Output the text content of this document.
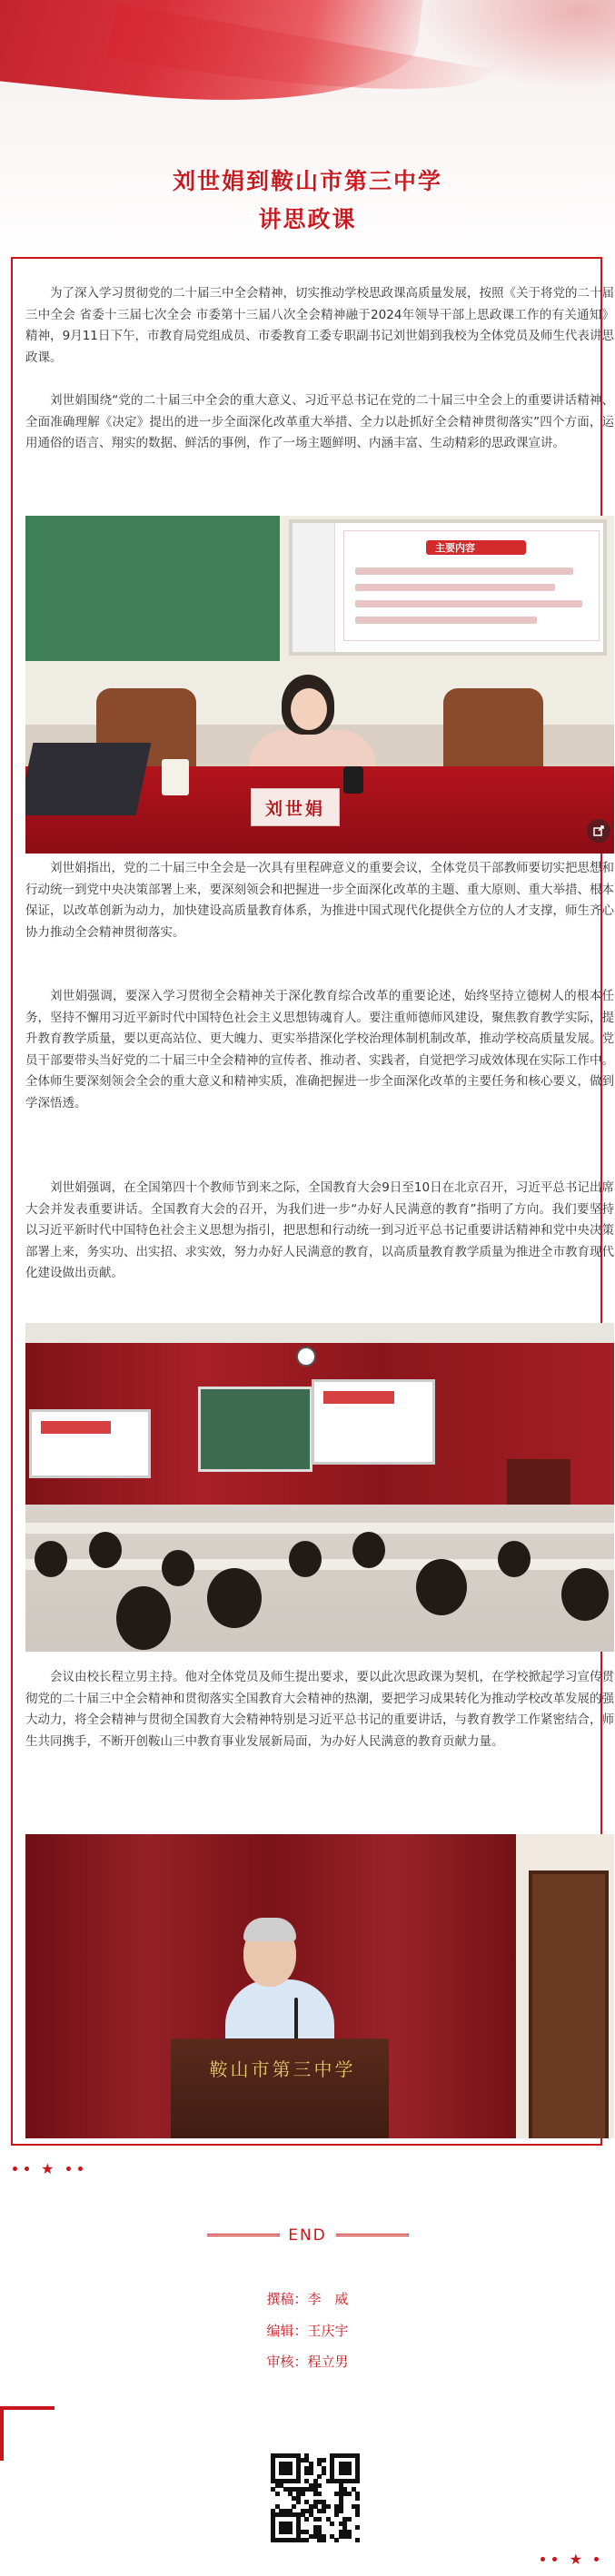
刘世娟到鞍山市第三中学
讲思政课

为了深入学习贯彻党的二十届三中全会精神，切实推动学校思政课高质量发展，按照《关于将党的二十届三中全会 省委十三届七次全会 市委第十三届八次全会精神融于2024年领导干部上思政课工作的有关通知》精神，9月11日下午，市教育局党组成员、市委教育工委专职副书记刘世娟到我校为全体党员及师生代表讲思政课。

刘世娟围绕“党的二十届三中全会的重大意义、习近平总书记在党的二十届三中全会上的重要讲话精神、全面准确理解《决定》提出的进一步全面深化改革重大举措、全力以赴抓好全会精神贯彻落实”四个方面，运用通俗的语言、翔实的数据、鲜活的事例，作了一场主题鲜明、内涵丰富、生动精彩的思政课宣讲。

主要内容
刘世娟

刘世娟指出，党的二十届三中全会是一次具有里程碑意义的重要会议，全体党员干部教师要切实把思想和行动统一到党中央决策部署上来，要深刻领会和把握进一步全面深化改革的主题、重大原则、重大举措、根本保证，以改革创新为动力，加快建设高质量教育体系，为推进中国式现代化提供全方位的人才支撑，师生齐心协力推动全会精神贯彻落实。

刘世娟强调，要深入学习贯彻全会精神关于深化教育综合改革的重要论述，始终坚持立德树人的根本任务，坚持不懈用习近平新时代中国特色社会主义思想铸魂育人。要注重师德师风建设，聚焦教育教学实际，提升教育教学质量，要以更高站位、更大魄力、更实举措深化学校治理体制机制改革，推动学校高质量发展。党员干部要带头当好党的二十届三中全会精神的宣传者、推动者、实践者，自觉把学习成效体现在实际工作中。全体师生要深刻领会全会的重大意义和精神实质，准确把握进一步全面深化改革的主要任务和核心要义，做到学深悟透。

刘世娟强调，在全国第四十个教师节到来之际，全国教育大会9日至10日在北京召开，习近平总书记出席大会并发表重要讲话。全国教育大会的召开，为我们进一步“办好人民满意的教育”指明了方向。我们要坚持以习近平新时代中国特色社会主义思想为指引，把思想和行动统一到习近平总书记重要讲话精神和党中央决策部署上来，务实功、出实招、求实效，努力办好人民满意的教育，以高质量教育教学质量为推进全市教育现代化建设做出贡献。

会议由校长程立男主持。他对全体党员及师生提出要求，要以此次思政课为契机，在学校掀起学习宣传贯彻党的二十届三中全会精神和贯彻落实全国教育大会精神的热潮，要把学习成果转化为推动学校改革发展的强大动力，将全会精神与贯彻全国教育大会精神特别是习近平总书记的重要讲话，与教育教学工作紧密结合，师生共同携手，不断开创鞍山三中教育事业发展新局面，为办好人民满意的教育贡献力量。

鞍山市第三中学
★
END
撰稿：李　威
编辑：王庆宇
审核：程立男
★
